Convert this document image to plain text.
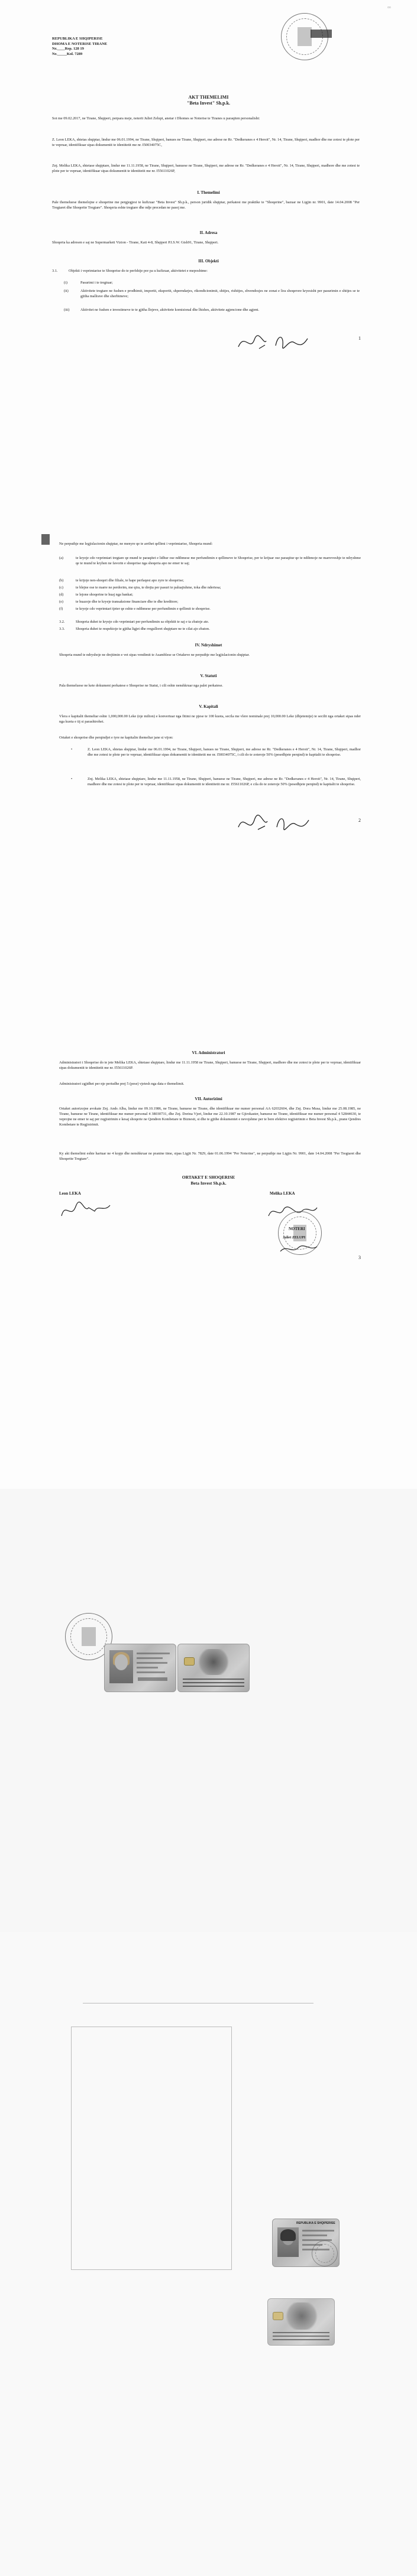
▫▫
REPUBLIKA E SHQIPERISE
DHOMA E NOTERISE TIRANE
Nr.____Rep. 128 19
Nr._____Kol. 7289
AKT THEMELIMI
"Beta Invest" Sh.p.k.
Sot me 09.02.2017, ne Tirane, Shqiperi, perpara meje, noterit Juliet Zelupi, anetar i Dhomes se Noterise te Tiranes u paraqiten personalisht:
Z. Leon LEKA, shtetas shqiptar, lindur me 06.01.1994, ne Tirane, Shqiperi, banues ne Tirane, Shqiperi, me adrese ne Rr. "Dedkeranes e 4 Heroit", Nr. 14, Tirane, Shqiperi, madhor dhe me zotesi te plote per te vepruar, identifikuar sipas dokumentit te identitetit me nr. I50034075C,
Znj. Melika LEKA, shtetase shqiptare, lindur me 11.11.1958, ne Tirane, Shqiperi, banuese ne Tirane, Shqiperi, me adrese ne Rr. "Dedkeranes e 4 Heroit", Nr. 14, Tirane, Shqiperi, madhore dhe me zotesi te plote per te vepruar, identifikuar sipas dokumentit te identitetit me nr. I55611026P,
I. Themelimi
Pale themeluese themelojne e shoqerine me pergjegjesi te kufizuar "Beta Invest" Sh.p.k., person juridik shqiptar, perkatesi me praktike te "Shoqerine", bazuar ne Ligjin nr. 9901, date 14.04.2008 "Per Tregtaret dhe Shoqerite Tregtare". Shoqeria eshte tregtare dhe ndje precedan ne pasoj me.
II. Adresa
Shoqeria ka adresen e saj ne Supermarketi Vizion - Tirane, Kati 4-8, Shqiperi P.I.S.W. Gtsh91, Tirane, Shqiperi.
III. Objekti
3.1.	Objekti i veprimtarise te Shoqerise do te perfshije por pa u kufizuar, aktivitetet e meposhtme:
(i)	Pasurimi i te tregtuar;
(ii)	Aktivitete tregtare ne fushen e prodhimit, importit, eksportit, shperndarjes, rikondicionimit, shitjes, rishitjes, zhvendosjes ne zonat e lira shoqerore kryesisht per pasurimin e shitjes se te gjitha mallrave dhe sherbimeve;
(iii)	Aktivitet ne fushen e investimeve te te gjitha llojeve, aktivitete komisional dhe lhishes, aktivitete agjencione dhe agjent.
1
Ne perputhje me legjislacionin shqiptar, ne menyre qe te arrihet qellimi i veprimtarise, Shoqeria mund:
(a)	te kryeje cdo veprimtari tregtare qe mund te paraqitet e lidhur ose ndihmese me perfundimin e qellimeve te Shoqerise, per te krijuar ose paraqitur qe te ndihmoje ne marreveshje te ndryshme qe te mund te kryhen ne favorin e shoqerise nga shoqeria apo ne emer te saj;
(b)	te krijoje nen-shoqeri dhe filiale, te hape perfaqesi apo zyre te shoqerise;
(c)	te blejne ose te marre ne perdorim, me qira, te drejta per pasuri te paluajtshme, toka dhe ndertesa;
(d)	te lejone shoqerine te huaj nga bankat;
(e)	te huazoje dhe te kryeje transaksione financiare dhe te dhe kreditore;
(f)	te kryeje cdo veprimtari tjeter qe eshte e ndihmese per perfundimin e qellimit te shoqerise.
3.2.	Shoqeria duhet te kryeje cdo veprimtari per perfundimin sa objektit te saj e ta zbatoje ate.
3.3.	Shoqeria duhet te respektoje te gjitha ligjet dhe rregulloret shqiptare ne te cilat ajo zbaton.
IV. Ndryshimet
Shoqeria mund te ndryshoje ne drejtimin e vet sipas vendimit te Asamblese se Ortakeve ne perputhje me legjislacionin shqiptar.
V. Statuti
Pala themeluese ne kete dokument perkatese e Shoqerise ne Statut, i cili eshte nenshkruar nga palet perkatese.
V. Kapitali
Vlera e kapitalit themeltar eshte 1,000,000.00 Leke (nje milion) e konvertuar nga fitimi ne pjese te 100 kuota, secila me vlere nominale prej 10,000.00 Leke (dhjetemije) te secilit nga ortaket sipas nder nga kuota e tij si parashtrohet.
Ortaket e shoqerise dhe perqindjet e tyre ne kapitalin themeltar jane si vijon:
•	Z. Leon LEKA, shtetas shqiptar, lindur me 06.01.1994, ne Tirane, Shqiperi, banues ne Tirane, Shqiperi, me adrese ne Rr. "Dedkeranes e 4 Heroit", Nr. 14, Tirane, Shqiperi, madhor dhe me zotesi te plote per te vepruar, identifikuar sipas dokumentit te identitetit me nr. I50034075C, i cili do te zoteroje 50% (pesedhjete perqind) te kapitalit te shoqerise.
•	Znj. Melika LEKA, shtetase shqiptare, lindur me 11.11.1958, ne Tirane, Shqiperi, banuese ne Tirane, Shqiperi, me adrese ne Rr. "Dedkeranes e 4 Heroit", Nr. 14, Tirane, Shqiperi, madhore dhe me zotesi te plote per te vepruar, identifikuar sipas dokumentit te identitetit me nr. I55611026P, e cila do te zoteroje 50% (pesedhjete perqind) te kapitalit te shoqerise.
2
VI. Administratori
Administratori i Shoqerise do te jete Melika LEKA, shtetase shqiptare, lindur me 11.11.1958 ne Tirane, Shqiperi, banuese ne Tirane, Shqiperi, madhore dhe me zotesi te plote per te vepruar, identifikuar sipas dokumentit te identitetit me nr. I55611026P.
Administratori zgjidhet per nje periudhe prej 5 (pese) vjetesh nga data e themelimit.
VII. Autorizimi
Ortaket autorizojne avokate Znj. Ands Alba, lindur me 09.10.1986, ne Tirane, banuese ne Tirane, dhe identifikuar me numer personal AA 62032604, dhe Znj. Dora Musa, lindur me 25.08.1985, ne Tirane, banuese ne Tirane, identifikuar me numer personal 4 38030731, dhe Znj. Dorina Vjeri, lindur me 22.10.1987 ne Gjirokaster, banuese ne Tirane, identifikuar me numer personal 4 52844630, te veprojne ne emer te saj per regjistrimin e kesaj shoqerie ne Qendren Kombetare te Biznesit, si dhe te gjithe dokumentet e nevojshme per te bere efektive regjistrimin e Beta Invest Sh.p.k., prane Qendres Kombetare te Regjistrimit.
Ky akt themelimi eshte hartuar ne 4 kopje dhe nenshkruar ne pranine time, sipas Ligjit Nr. 7829, date 01.06.1994 "Per Noterine", ne perputhje me Ligjin Nr. 9901, date 14.04.2008 "Per Tregtaret dhe Shoqerite Tregtare".
ORTAKET E SHOQERISE
Beta Invest Sh.p.k.
Leon LEKA	Melika LEKA
NOTERI
Juliet ZELUPI
3
REPUBLIKA E SHQIPERISE
